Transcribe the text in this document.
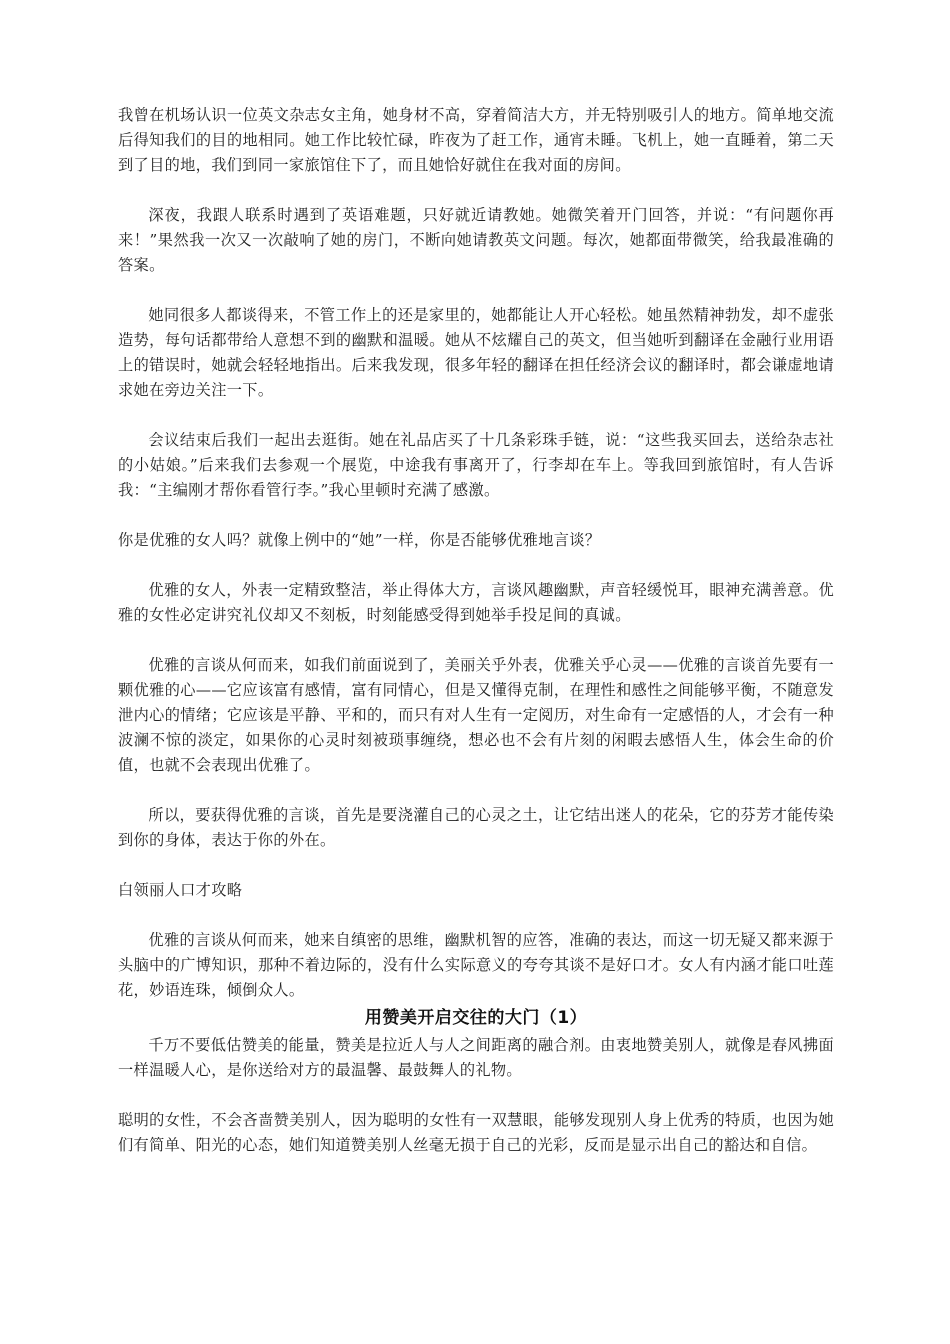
我曾在机场认识一位英文杂志女主角，她身材不高，穿着简洁大方，并无特别吸引人的地方。简单地交流后得知我们的目的地相同。她工作比较忙碌，昨夜为了赶工作，通宵未睡。飞机上，她一直睡着，第二天到了目的地，我们到同一家旅馆住下了，而且她恰好就住在我对面的房间。

深夜，我跟人联系时遇到了英语难题，只好就近请教她。她微笑着开门回答，并说：“有问题你再来！”果然我一次又一次敲响了她的房门，不断向她请教英文问题。每次，她都面带微笑，给我最准确的答案。

她同很多人都谈得来，不管工作上的还是家里的，她都能让人开心轻松。她虽然精神勃发，却不虚张造势，每句话都带给人意想不到的幽默和温暖。她从不炫耀自己的英文，但当她听到翻译在金融行业用语上的错误时，她就会轻轻地指出。后来我发现，很多年轻的翻译在担任经济会议的翻译时，都会谦虚地请求她在旁边关注一下。

会议结束后我们一起出去逛街。她在礼品店买了十几条彩珠手链，说：“这些我买回去，送给杂志社的小姑娘。”后来我们去参观一个展览，中途我有事离开了，行李却在车上。等我回到旅馆时，有人告诉我：“主编刚才帮你看管行李。”我心里顿时充满了感激。

你是优雅的女人吗？就像上例中的“她”一样，你是否能够优雅地言谈？

优雅的女人，外表一定精致整洁，举止得体大方，言谈风趣幽默，声音轻缓悦耳，眼神充满善意。优雅的女性必定讲究礼仪却又不刻板，时刻能感受得到她举手投足间的真诚。

优雅的言谈从何而来，如我们前面说到了，美丽关乎外表，优雅关乎心灵——优雅的言谈首先要有一颗优雅的心——它应该富有感情，富有同情心，但是又懂得克制，在理性和感性之间能够平衡，不随意发泄内心的情绪；它应该是平静、平和的，而只有对人生有一定阅历，对生命有一定感悟的人，才会有一种波澜不惊的淡定，如果你的心灵时刻被琐事缠绕，想必也不会有片刻的闲暇去感悟人生，体会生命的价值，也就不会表现出优雅了。

所以，要获得优雅的言谈，首先是要浇灌自己的心灵之土，让它结出迷人的花朵，它的芬芳才能传染到你的身体，表达于你的外在。

白领丽人口才攻略

优雅的言谈从何而来，她来自缜密的思维，幽默机智的应答，准确的表达，而这一切无疑又都来源于头脑中的广博知识，那种不着边际的，没有什么实际意义的夸夸其谈不是好口才。女人有内涵才能口吐莲花，妙语连珠，倾倒众人。

用赞美开启交往的大门（1）

千万不要低估赞美的能量，赞美是拉近人与人之间距离的融合剂。由衷地赞美别人，就像是春风拂面一样温暖人心，是你送给对方的最温馨、最鼓舞人的礼物。

聪明的女性，不会吝啬赞美别人，因为聪明的女性有一双慧眼，能够发现别人身上优秀的特质，也因为她们有简单、阳光的心态，她们知道赞美别人丝毫无损于自己的光彩，反而是显示出自己的豁达和自信。
